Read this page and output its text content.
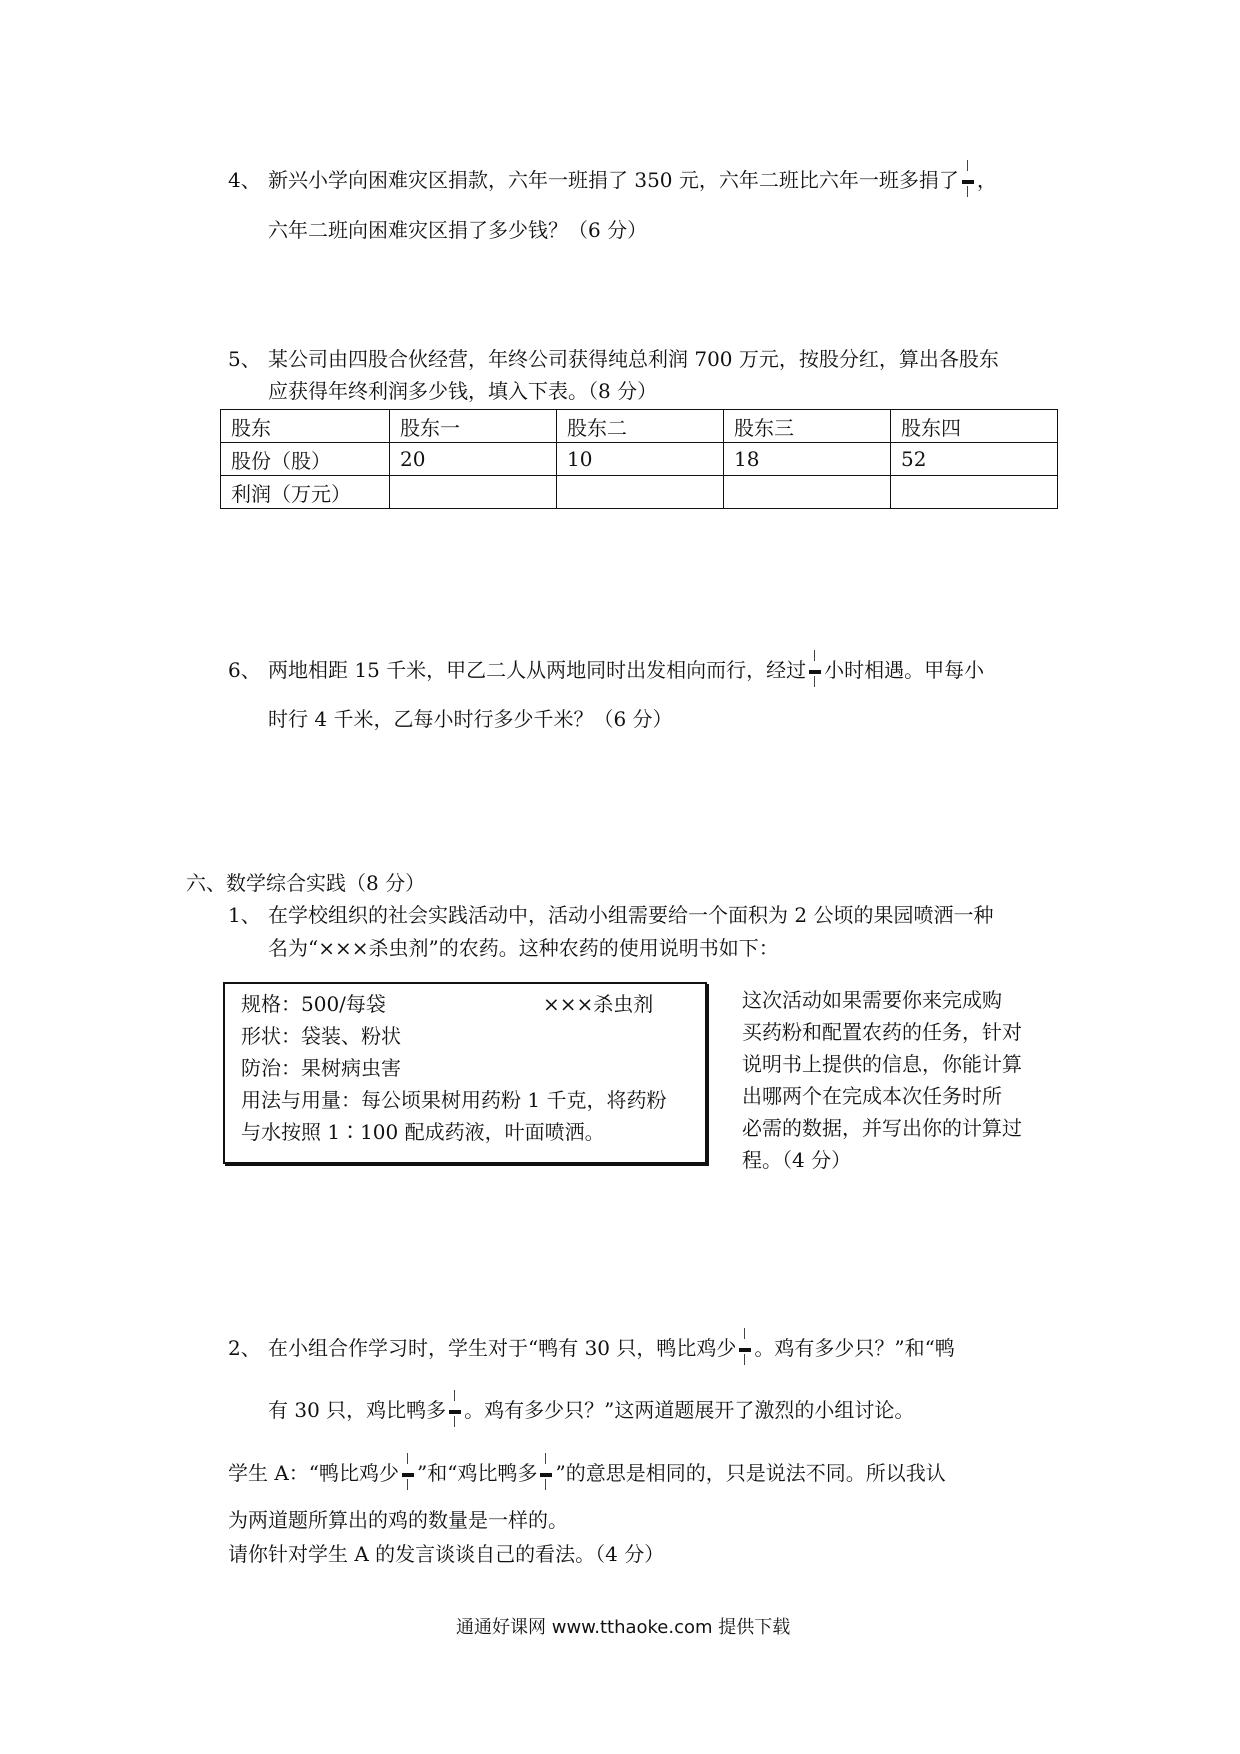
4、 新兴小学向困难灾区捐款，六年一班捐了 350 元，六年二班比六年一班多捐了 ，
六年二班向困难灾区捐了多少钱？（6 分）
5、 某公司由四股合伙经营，年终公司获得纯总利润 700 万元，按股分红，算出各股东
应获得年终利润多少钱，填入下表。（8 分）
股东	股东一	股东二	股东三	股东四
股份（股）	20	10	18	52
利润（万元）				
6、 两地相距 15 千米，甲乙二人从两地同时出发相向而行，经过 小时相遇。甲每小
时行 4 千米，乙每小时行多少千米？（6 分）
六、数学综合实践（8 分）
1、 在学校组织的社会实践活动中，活动小组需要给一个面积为 2 公顷的果园喷洒一种
名为“×××杀虫剂”的农药。这种农药的使用说明书如下：
规格：500/每袋	×××杀虫剂
形状：袋装、粉状
防治：果树病虫害
用法与用量：每公顷果树用药粉 1 千克，将药粉
与水按照 1∶100 配成药液，叶面喷洒。
这次活动如果需要你来完成购
买药粉和配置农药的任务，针对
说明书上提供的信息，你能计算
出哪两个在完成本次任务时所
必需的数据，并写出你的计算过
程。（4 分）
2、 在小组合作学习时，学生对于“鸭有 30 只，鸭比鸡少 。鸡有多少只？”和“鸭
有 30 只，鸡比鸭多 。鸡有多少只？”这两道题展开了激烈的小组讨论。
学生 A：“鸭比鸡少 ”和“鸡比鸭多 ”的意思是相同的，只是说法不同。所以我认
为两道题所算出的鸡的数量是一样的。
请你针对学生 A 的发言谈谈自己的看法。（4 分）
通通好课网 www.tthaoke.com 提供下载
